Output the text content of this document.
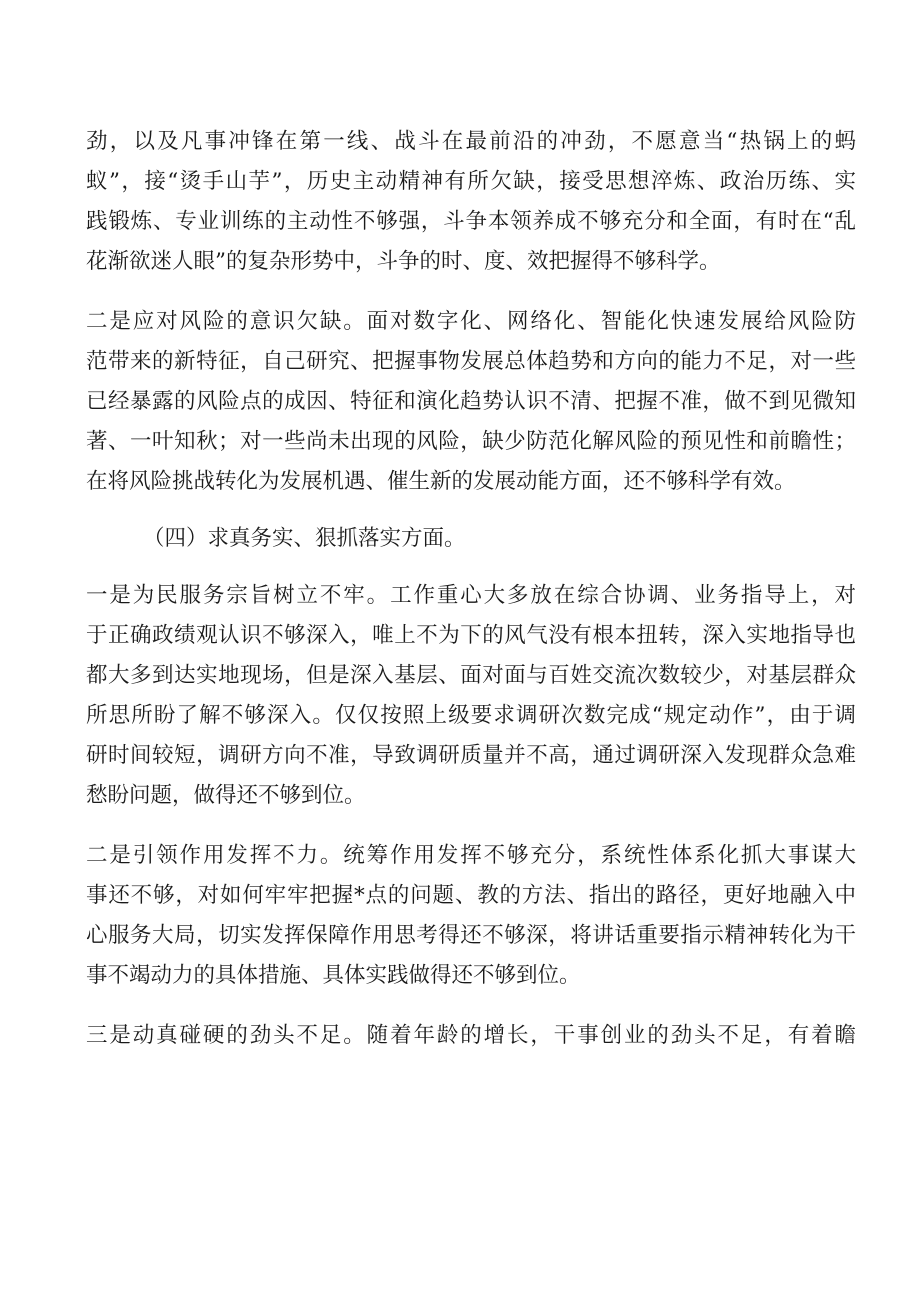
劲，以及凡事冲锋在第一线、战斗在最前沿的冲劲，不愿意当“热锅上的蚂
蚁”，接“烫手山芋”，历史主动精神有所欠缺，接受思想淬炼、政治历练、实
践锻炼、专业训练的主动性不够强，斗争本领养成不够充分和全面，有时在“乱
花渐欲迷人眼”的复杂形势中，斗争的时、度、效把握得不够科学。
二是应对风险的意识欠缺。面对数字化、网络化、智能化快速发展给风险防
范带来的新特征，自己研究、把握事物发展总体趋势和方向的能力不足，对一些
已经暴露的风险点的成因、特征和演化趋势认识不清、把握不准，做不到见微知
著、一叶知秋；对一些尚未出现的风险，缺少防范化解风险的预见性和前瞻性；
在将风险挑战转化为发展机遇、催生新的发展动能方面，还不够科学有效。
（四）求真务实、狠抓落实方面。
一是为民服务宗旨树立不牢。工作重心大多放在综合协调、业务指导上，对
于正确政绩观认识不够深入，唯上不为下的风气没有根本扭转，深入实地指导也
都大多到达实地现场，但是深入基层、面对面与百姓交流次数较少，对基层群众
所思所盼了解不够深入。仅仅按照上级要求调研次数完成“规定动作”，由于调
研时间较短，调研方向不准，导致调研质量并不高，通过调研深入发现群众急难
愁盼问题，做得还不够到位。
二是引领作用发挥不力。统筹作用发挥不够充分，系统性体系化抓大事谋大
事还不够，对如何牢牢把握*点的问题、教的方法、指出的路径，更好地融入中
心服务大局，切实发挥保障作用思考得还不够深，将讲话重要指示精神转化为干
事不竭动力的具体措施、具体实践做得还不够到位。
三是动真碰硬的劲头不足。随着年龄的增长，干事创业的劲头不足，有着瞻
